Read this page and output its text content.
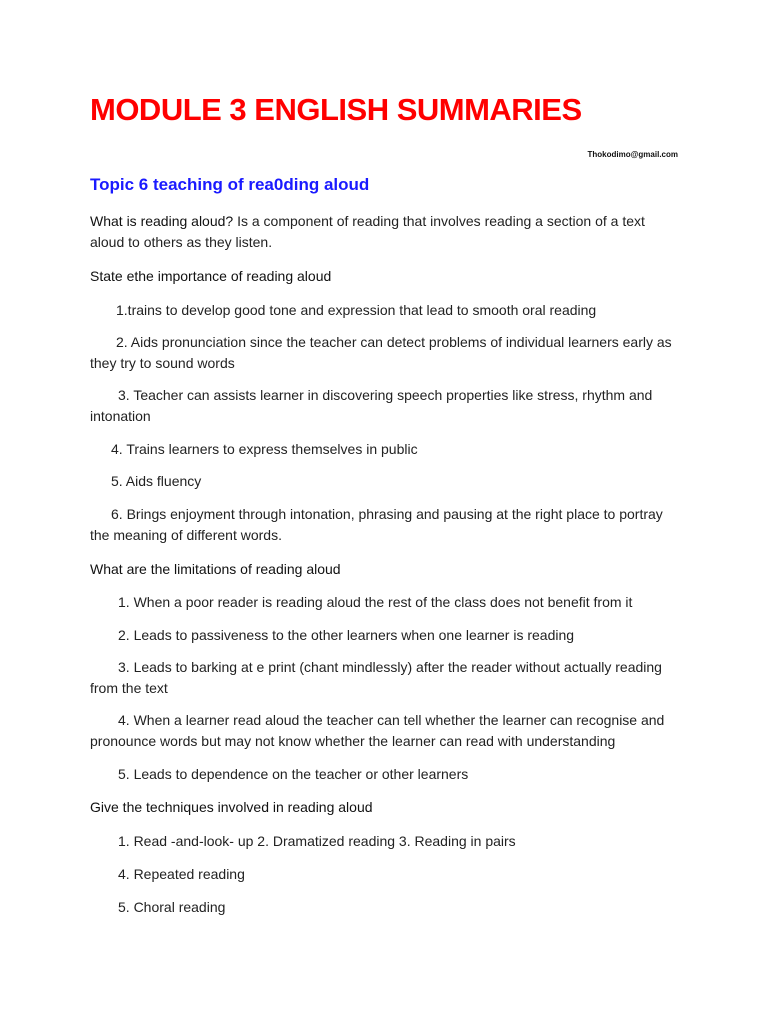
MODULE 3 ENGLISH SUMMARIES
Thokodimo@gmail.com
Topic 6 teaching of rea0ding aloud
What is reading aloud? Is a component of reading that involves reading a section of a text
aloud to others as they listen.
State ethe importance of reading aloud
1.trains to develop good tone and expression that lead to smooth oral reading
2. Aids pronunciation since the teacher can detect problems of individual learners early as
they try to sound words
3. Teacher can assists learner in discovering speech properties like stress, rhythm and
intonation
4. Trains learners to express themselves in public
5. Aids fluency
6. Brings enjoyment through intonation, phrasing and pausing at the right place to portray
the meaning of different words.
What are the limitations of reading aloud
1. When a poor reader is reading aloud the rest of the class does not benefit from it
2. Leads to passiveness to the other learners when one learner is reading
3. Leads to barking at e print (chant mindlessly) after the reader without actually reading
from the text
4. When a learner read aloud the teacher can tell whether the learner can recognise and
pronounce words but may not know whether the learner can read with understanding
5. Leads to dependence on the teacher or other learners
Give the techniques involved in reading aloud
1. Read -and-look- up 2. Dramatized reading 3. Reading in pairs
4. Repeated reading
5. Choral reading
